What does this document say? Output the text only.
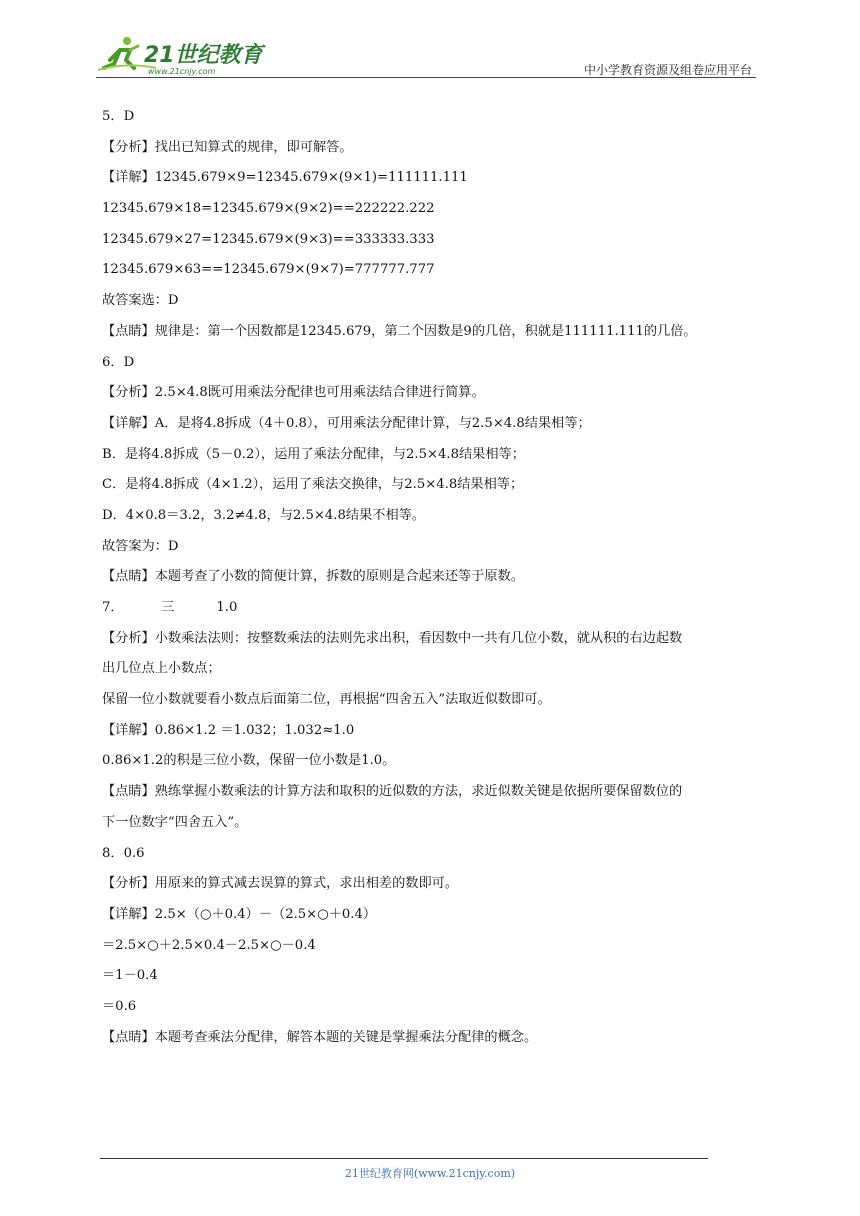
21世纪教育
www.21cnjy.com	中小学教育资源及组卷应用平台
5．D
【分析】找出已知算式的规律，即可解答。
【详解】12345.679×9=12345.679×(9×1)=111111.111
12345.679×18=12345.679×(9×2)==222222.222
12345.679×27=12345.679×(9×3)==333333.333
12345.679×63==12345.679×(9×7)=777777.777
故答案选：D
【点睛】规律是：第一个因数都是12345.679，第二个因数是9的几倍，积就是111111.111的几倍。
6．D
【分析】2.5×4.8既可用乘法分配律也可用乘法结合律进行简算。
【详解】A．是将4.8拆成（4＋0.8），可用乘法分配律计算，与2.5×4.8结果相等；
B．是将4.8拆成（5－0.2），运用了乘法分配律，与2.5×4.8结果相等；
C．是将4.8拆成（4×1.2），运用了乘法交换律，与2.5×4.8结果相等；
D．4×0.8＝3.2，3.2≠4.8，与2.5×4.8结果不相等。
故答案为：D
【点睛】本题考查了小数的简便计算，拆数的原则是合起来还等于原数。
7．         三          1.0
【分析】小数乘法法则：按整数乘法的法则先求出积，看因数中一共有几位小数，就从积的右边起数
出几位点上小数点；
保留一位小数就要看小数点后面第二位，再根据“四舍五入”法取近似数即可。
【详解】0.86×1.2 ＝1.032；1.032≈1.0
0.86×1.2的积是三位小数，保留一位小数是1.0。
【点睛】熟练掌握小数乘法的计算方法和取积的近似数的方法，求近似数关键是依据所要保留数位的
下一位数字“四舍五入”。
8．0.6
【分析】用原来的算式减去误算的算式，求出相差的数即可。
【详解】2.5×（○＋0.4）－（2.5×○＋0.4）
＝2.5×○＋2.5×0.4－2.5×○－0.4
＝1－0.4
＝0.6
【点睛】本题考查乘法分配律，解答本题的关键是掌握乘法分配律的概念。
21世纪教育网(www.21cnjy.com)
